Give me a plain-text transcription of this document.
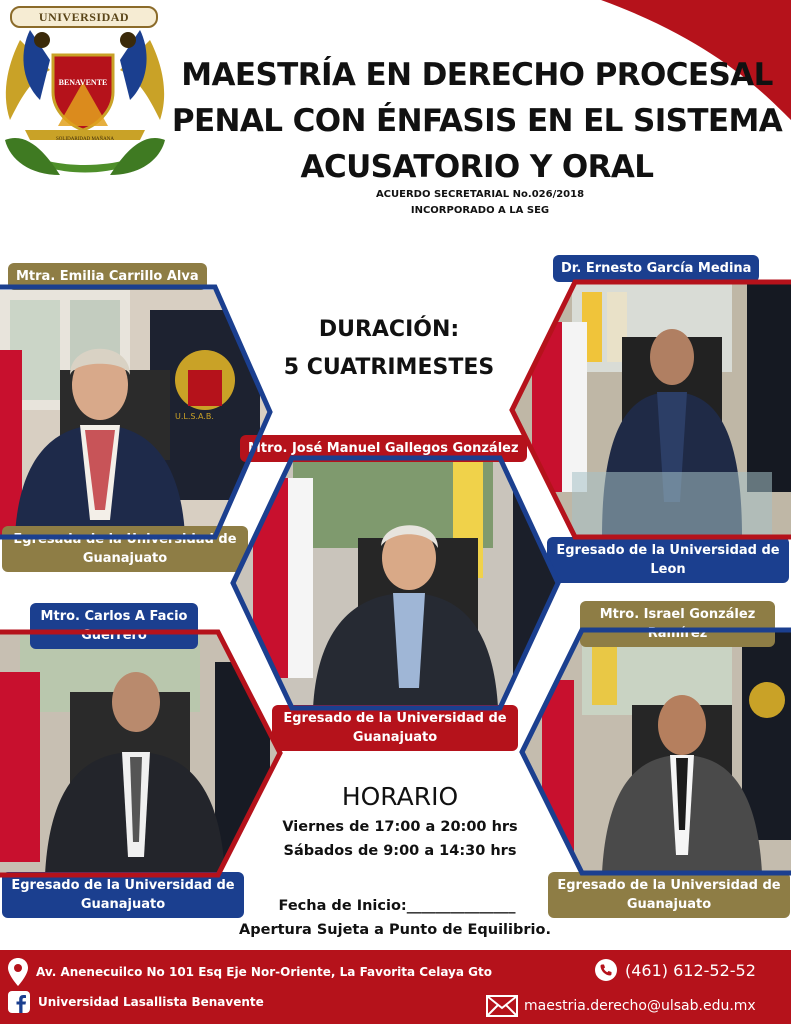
UNIVERSIDAD
BENAVENTE
SOLIDARIDAD MAÑANA
MAESTRÍA EN DERECHO PROCESAL
PENAL CON ÉNFASIS EN EL SISTEMA
ACUSATORIO Y ORAL
ACUERDO SECRETARIAL No.026/2018
INCORPORADO A LA SEG
Mtra. Emilia Carrillo Alva
Egresada de la Universidad de Guanajuato
U.L.S.A.B.
Dr. Ernesto García Medina
Egresado de la Universidad de Leon
Mtro. José Manuel Gallegos González
Egresado de la Universidad de Guanajuato
Mtro. Carlos A Facio Guerrero
Egresado de la Universidad de Guanajuato
Mtro. Israel González Ramírez
Egresado de la Universidad de Guanajuato
DURACIÓN:
5 CUATRIMESTES
HORARIO
Viernes de 17:00 a 20:00 hrs
Sábados de 9:00 a 14:30 hrs
Fecha de Inicio:_______________
Apertura Sujeta a Punto de Equilibrio.
Av. Anenecuilco No 101 Esq Eje Nor-Oriente, La Favorita Celaya Gto
Universidad Lasallista Benavente
(461) 612-52-52
maestria.derecho@ulsab.edu.mx
